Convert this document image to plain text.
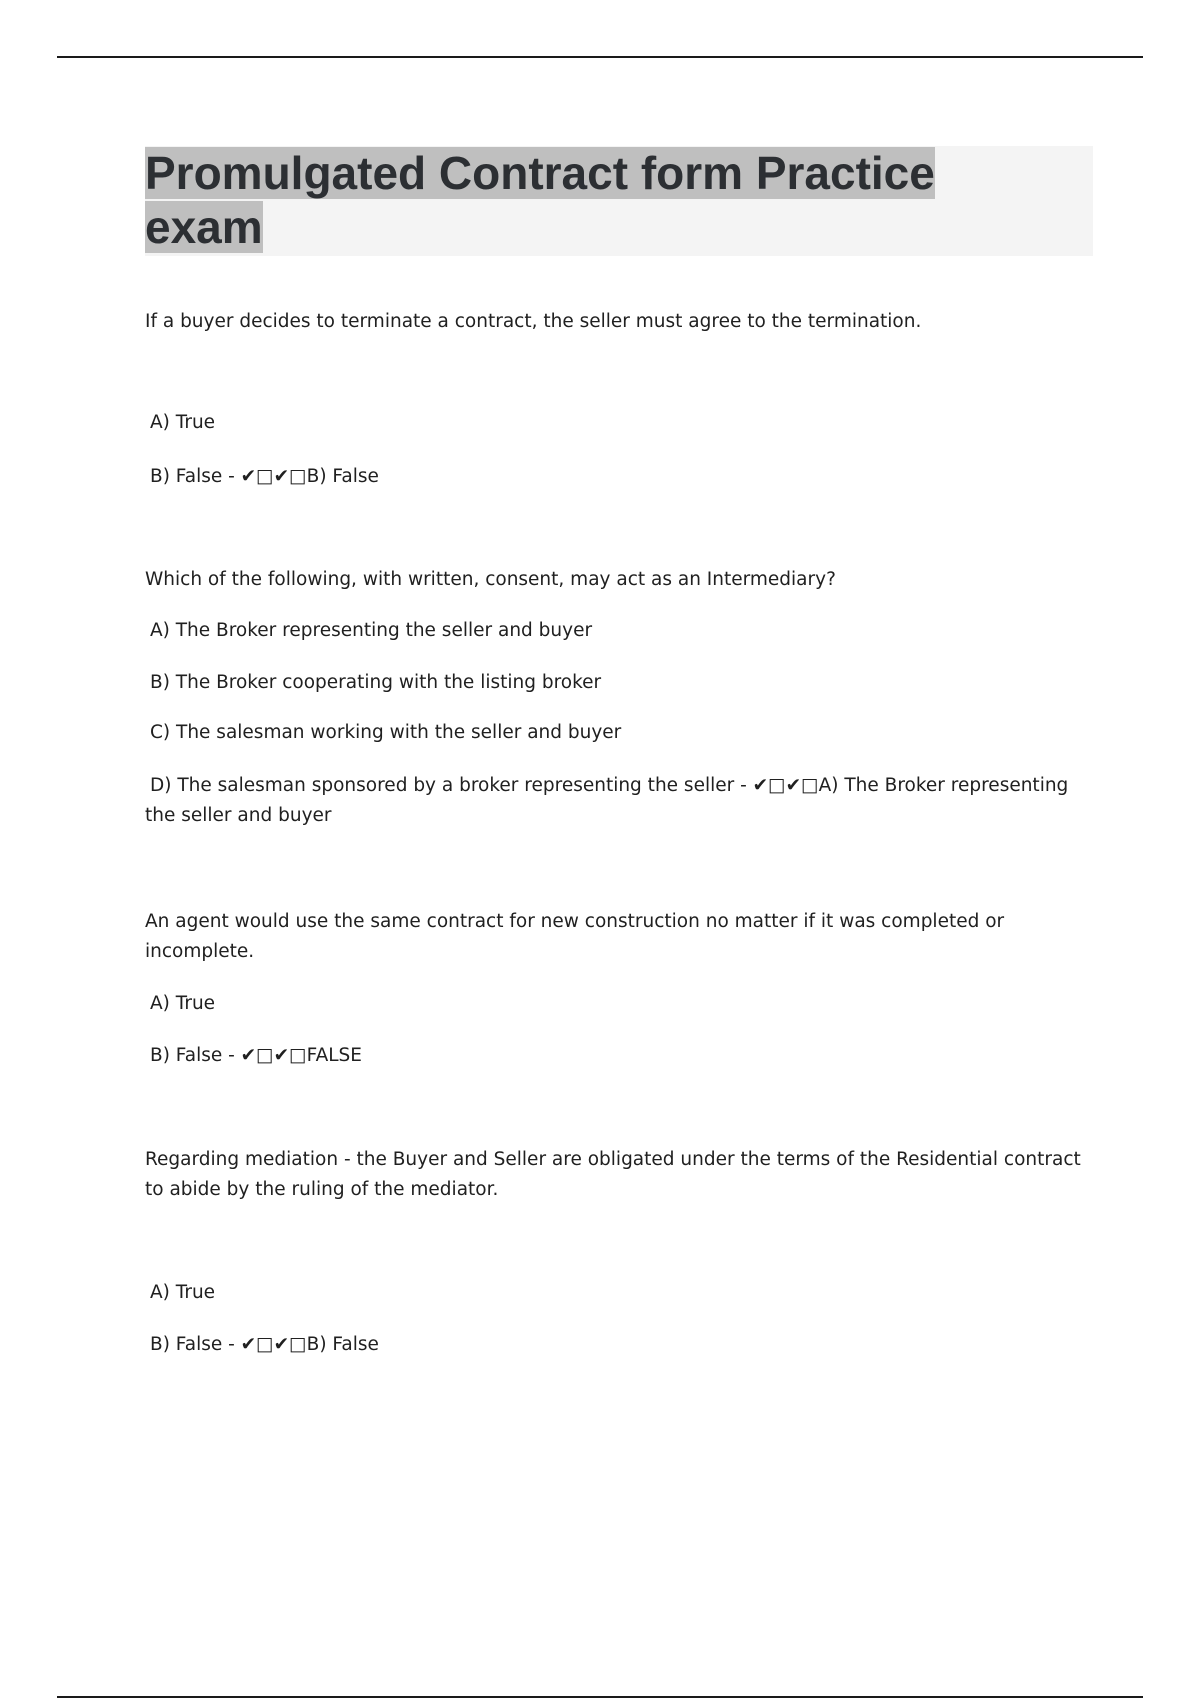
Promulgated Contract form Practice exam
If a buyer decides to terminate a contract, the seller must agree to the termination.
A) True
B) False - ✔□✔□B) False
Which of the following, with written, consent, may act as an Intermediary?
A) The Broker representing the seller and buyer
B) The Broker cooperating with the listing broker
C) The salesman working with the seller and buyer
D) The salesman sponsored by a broker representing the seller - ✔□✔□A) The Broker representing the seller and buyer
An agent would use the same contract for new construction no matter if it was completed or incomplete.
A) True
B) False - ✔□✔□FALSE
Regarding mediation - the Buyer and Seller are obligated under the terms of the Residential contract to abide by the ruling of the mediator.
A) True
B) False - ✔□✔□B) False
